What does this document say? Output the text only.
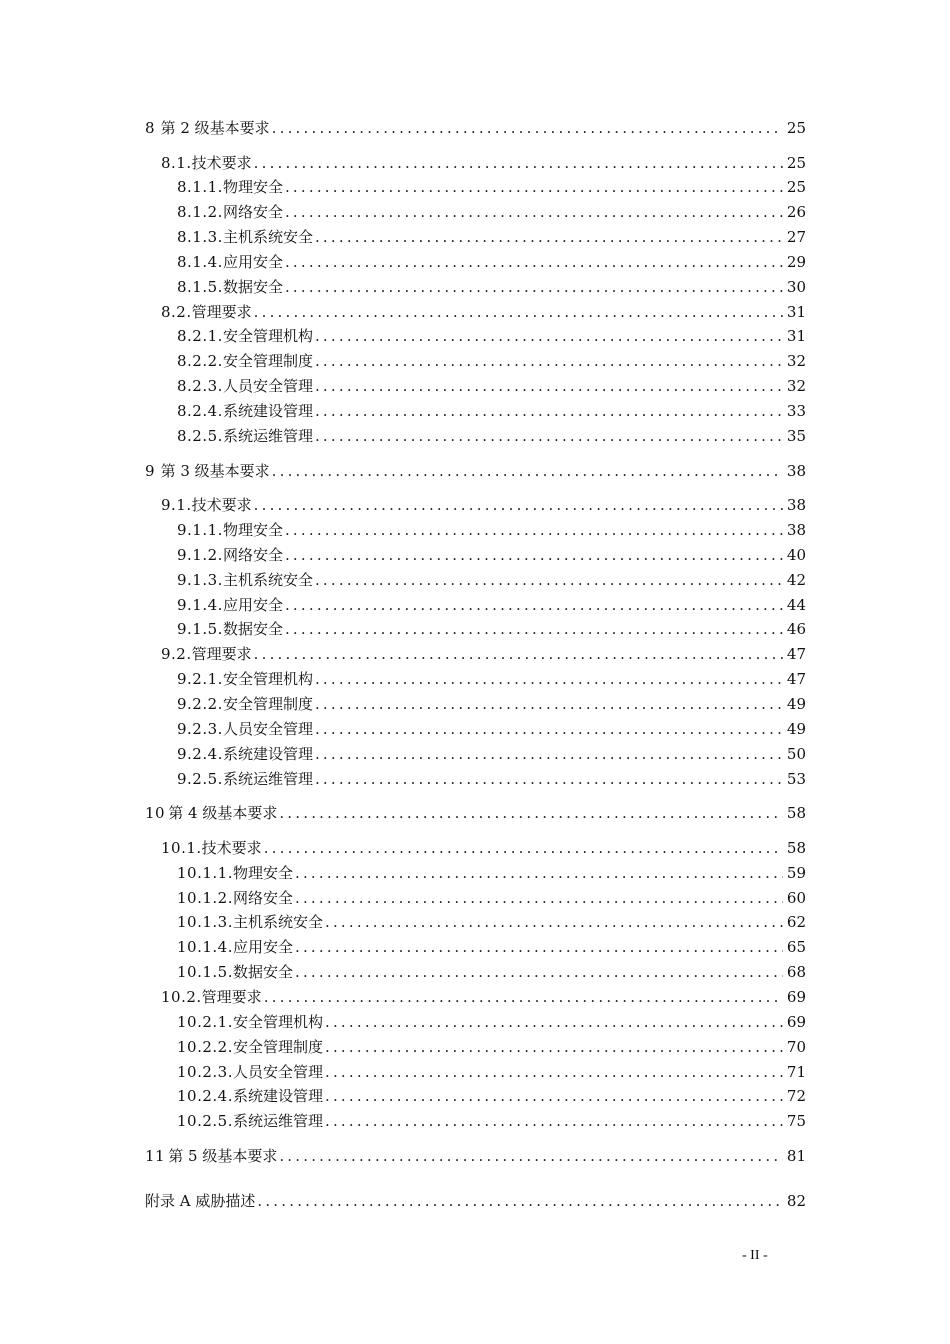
8 第 2 级基本要求 .....	25
8.1. 技术要求 .....	25
8.1.1. 物理安全 .....	25
8.1.2. 网络安全 .....	26
8.1.3. 主机系统安全 .....	27
8.1.4. 应用安全 .....	29
8.1.5. 数据安全 .....	30
8.2. 管理要求 .....	31
8.2.1. 安全管理机构 .....	31
8.2.2. 安全管理制度 .....	32
8.2.3. 人员安全管理 .....	32
8.2.4. 系统建设管理 .....	33
8.2.5. 系统运维管理 .....	35
9 第 3 级基本要求 .....	38
9.1. 技术要求 .....	38
9.1.1. 物理安全 .....	38
9.1.2. 网络安全 .....	40
9.1.3. 主机系统安全 .....	42
9.1.4. 应用安全 .....	44
9.1.5. 数据安全 .....	46
9.2. 管理要求 .....	47
9.2.1. 安全管理机构 .....	47
9.2.2. 安全管理制度 .....	49
9.2.3. 人员安全管理 .....	49
9.2.4. 系统建设管理 .....	50
9.2.5. 系统运维管理 .....	53
10 第 4 级基本要求 .....	58
10.1. 技术要求 .....	58
10.1.1. 物理安全 .....	59
10.1.2. 网络安全 .....	60
10.1.3. 主机系统安全 .....	62
10.1.4. 应用安全 .....	65
10.1.5. 数据安全 .....	68
10.2. 管理要求 .....	69
10.2.1. 安全管理机构 .....	69
10.2.2. 安全管理制度 .....	70
10.2.3. 人员安全管理 .....	71
10.2.4. 系统建设管理 .....	72
10.2.5. 系统运维管理 .....	75
11 第 5 级基本要求 .....	81
附录 A 威胁描述 .....	82
- II -
